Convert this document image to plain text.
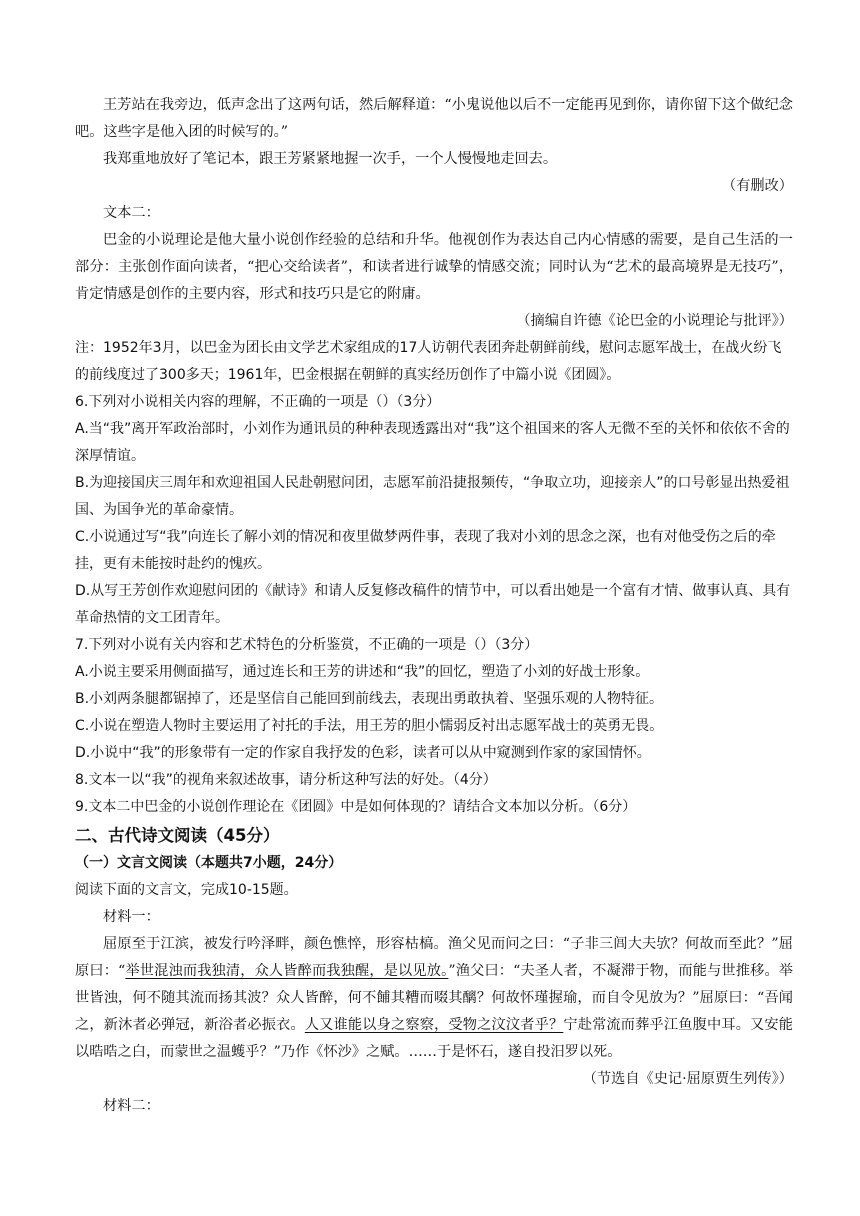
王芳站在我旁边，低声念出了这两句话，然后解释道：“小鬼说他以后不一定能再见到你，请你留下这个做纪念吧。这些字是他入团的时候写的。”

我郑重地放好了笔记本，跟王芳紧紧地握一次手，一个人慢慢地走回去。

（有删改）

文本二：

巴金的小说理论是他大量小说创作经验的总结和升华。他视创作为表达自己内心情感的需要，是自己生活的一部分：主张创作面向读者，“把心交给读者”，和读者进行诚挚的情感交流；同时认为“艺术的最高境界是无技巧”，肯定情感是创作的主要内容，形式和技巧只是它的附庸。

（摘编自许德《论巴金的小说理论与批评》）

注：1952年3月，以巴金为团长由文学艺术家组成的17人访朝代表团奔赴朝鲜前线，慰问志愿军战士，在战火纷飞的前线度过了300多天；1961年，巴金根据在朝鲜的真实经历创作了中篇小说《团圆》。

6.下列对小说相关内容的理解，不正确的一项是（）（3分）

A.当“我”离开军政治部时，小刘作为通讯员的种种表现透露出对“我”这个祖国来的客人无微不至的关怀和依依不舍的深厚情谊。

B.为迎接国庆三周年和欢迎祖国人民赴朝慰问团，志愿军前沿捷报频传，“争取立功，迎接亲人”的口号彰显出热爱祖国、为国争光的革命豪情。

C.小说通过写“我”向连长了解小刘的情况和夜里做梦两件事，表现了我对小刘的思念之深，也有对他受伤之后的牵挂，更有未能按时赴约的愧疚。

D.从写王芳创作欢迎慰问团的《献诗》和请人反复修改稿件的情节中，可以看出她是一个富有才情、做事认真、具有革命热情的文工团青年。

7.下列对小说有关内容和艺术特色的分析鉴赏，不正确的一项是（）（3分）

A.小说主要采用侧面描写，通过连长和王芳的讲述和“我”的回忆，塑造了小刘的好战士形象。

B.小刘两条腿都锯掉了，还是坚信自己能回到前线去，表现出勇敢执着、坚强乐观的人物特征。

C.小说在塑造人物时主要运用了衬托的手法，用王芳的胆小懦弱反衬出志愿军战士的英勇无畏。

D.小说中“我”的形象带有一定的作家自我抒发的色彩，读者可以从中窥测到作家的家国情怀。

8.文本一以“我”的视角来叙述故事，请分析这种写法的好处。（4分）

9.文本二中巴金的小说创作理论在《团圆》中是如何体现的？请结合文本加以分析。（6分）

二、古代诗文阅读（45分）

（一）文言文阅读（本题共7小题，24分）

阅读下面的文言文，完成10-15题。

材料一：

屈原至于江滨，被发行吟泽畔，颜色憔悴，形容枯槁。渔父见而问之曰：“子非三闾大夫欤？何故而至此？”屈原曰：“举世混浊而我独清，众人皆醉而我独醒，是以见放。”渔父曰：“夫圣人者，不凝滞于物，而能与世推移。举世皆浊，何不随其流而扬其波？众人皆醉，何不餔其糟而啜其醨？何故怀瑾握瑜，而自令见放为？”屈原曰：“吾闻之，新沐者必弹冠，新浴者必振衣。人又谁能以身之察察，受物之汶汶者乎？宁赴常流而葬乎江鱼腹中耳。又安能以晧晧之白，而蒙世之温蠖乎？”乃作《怀沙》之赋。……于是怀石，遂自投汨罗以死。

（节选自《史记·屈原贾生列传》）

材料二：
